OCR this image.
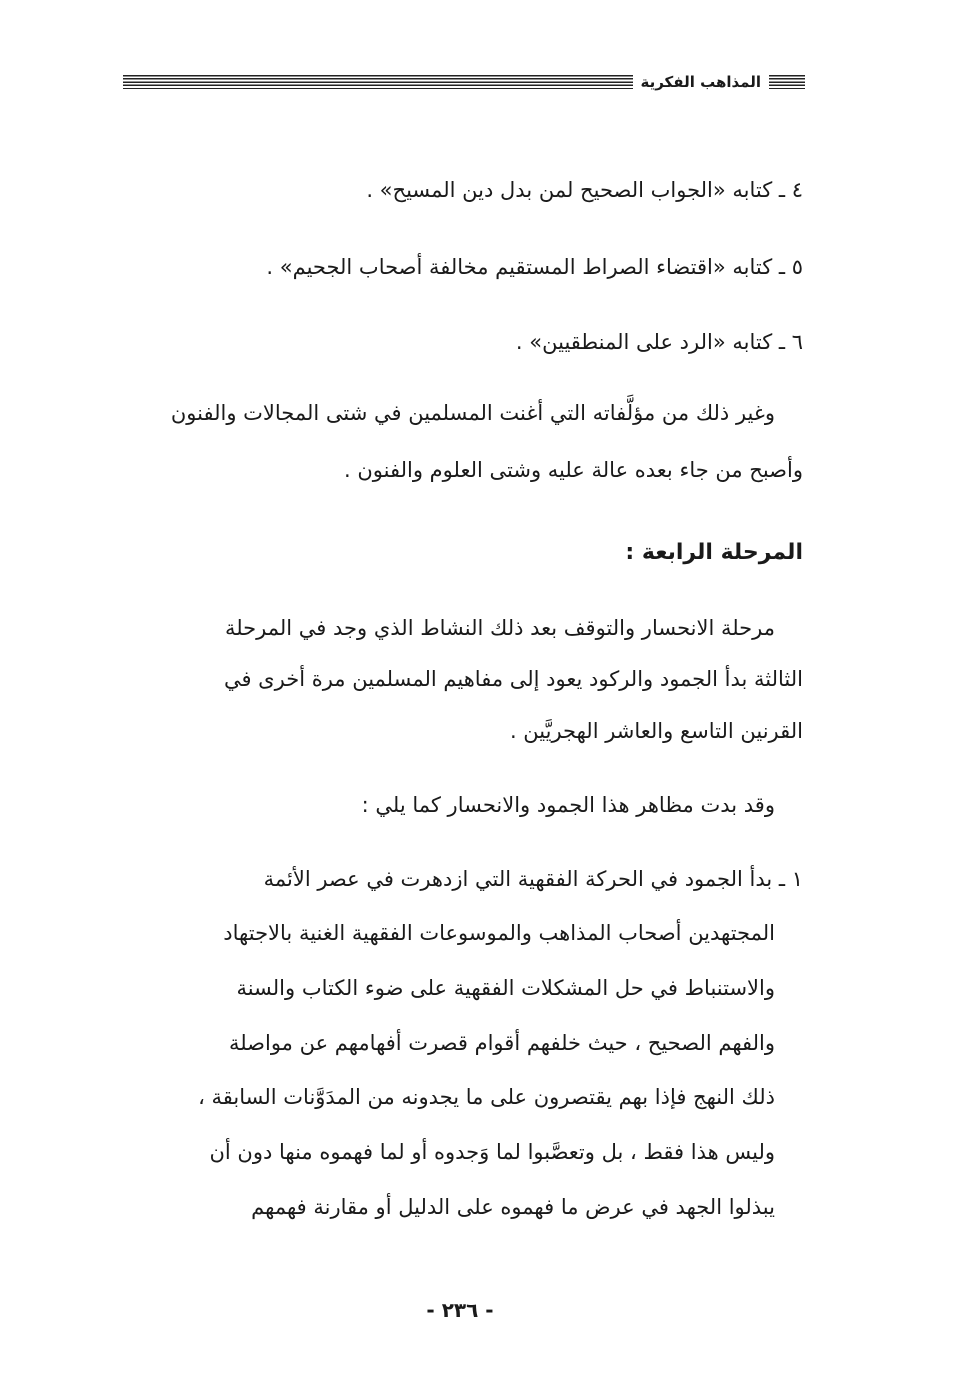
المذاهب الفكرية
٤ ـ كتابه «الجواب الصحيح لمن بدل دين المسيح» .
٥ ـ كتابه «اقتضاء الصراط المستقيم مخالفة أصحاب الجحيم» .
٦ ـ كتابه «الرد على المنطقيين» .
وغير ذلك من مؤلَّفاته التي أغنت المسلمين في شتى المجالات والفنون
وأصبح من جاء بعده عالة عليه وشتى العلوم والفنون .
المرحلة الرابعة :
مرحلة الانحسار والتوقف بعد ذلك النشاط الذي وجد في المرحلة
الثالثة بدأ الجمود والركود يعود إلى مفاهيم المسلمين مرة أخرى في
القرنين التاسع والعاشر الهجريَّين .
وقد بدت مظاهر هذا الجمود والانحسار كما يلي :
١ ـ بدأ الجمود في الحركة الفقهية التي ازدهرت في عصر الأئمة
المجتهدين أصحاب المذاهب والموسوعات الفقهية الغنية بالاجتهاد
والاستنباط في حل المشكلات الفقهية على ضوء الكتاب والسنة
والفهم الصحيح ، حيث خلفهم أقوام قصرت أفهامهم عن مواصلة
ذلك النهج فإذا بهم يقتصرون على ما يجدونه من المدَوَّنات السابقة ،
وليس هذا فقط ، بل وتعصَّبوا لما وَجدوه أو لما فهموه منها دون أن
يبذلوا الجهد في عرض ما فهموه على الدليل أو مقارنة فهمهم
- ٢٣٦ -
